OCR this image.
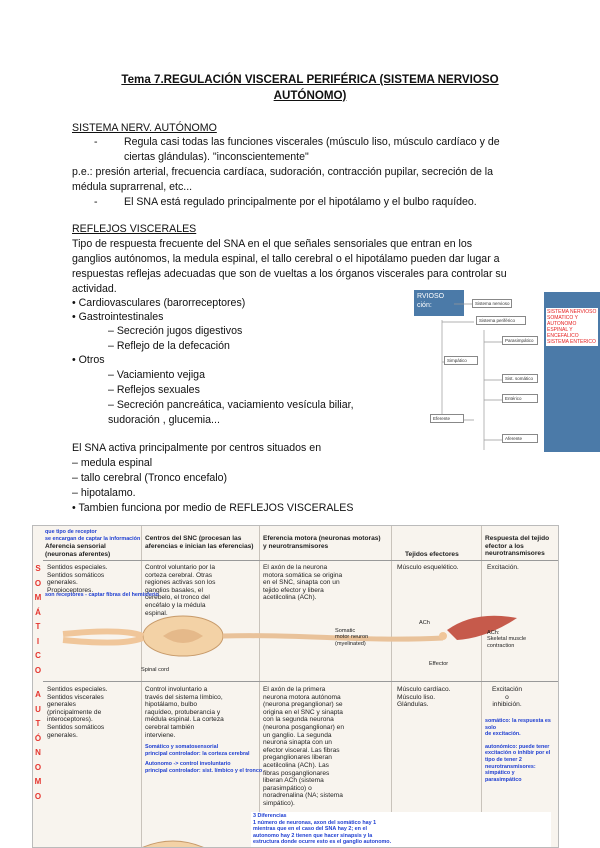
Tema 7.REGULACIÓN VISCERAL PERIFÉRICA (SISTEMA NERVIOSO
AUTÓNOMO)
SISTEMA NERV. AUTÓNOMO
- Regula casi todas las funciones viscerales (músculo liso, músculo cardíaco y de
ciertas glándulas). "inconscientemente"
p.e.: presión arterial, frecuencia cardíaca, sudoración, contracción pupilar, secreción de la
médula suprarrenal, etc...
- El SNA está regulado principalmente por el hipotálamo y el bulbo raquídeo.
REFLEJOS VISCERALES
Tipo de respuesta frecuente del SNA en el que señales sensoriales que entran en los
ganglios autónomos, la medula espinal, el tallo cerebral o el hipotálamo pueden dar lugar a
respuestas reflejas adecuadas que son de vueltas a los órganos viscerales para controlar su
actividad.
• Cardiovasculares (barorreceptores)
• Gastrointestinales
– Secreción jugos digestivos
– Reflejo de la defecación
• Otros
– Vaciamiento vejiga
– Reflejos sexuales
– Secreción pancreática, vaciamiento vesícula biliar,
sudoración , glucemia...
El SNA activa principalmente por centros situados en
– medula espinal
– tallo cerebral (Tronco encefalo)
– hipotalamo.
• Tambien funciona por medio de REFLEJOS VISCERALES
RVIOSO
ción:
SISTEMA NERVIOSO
SOMATICO Y
AUTONOMO
ESPINAL Y ENCEFALICO
SISTEMA ENTERICO
Sistema nervioso
Sistema periférico
Parasimpático
Simpático
Sist. somático
Entérico
Eferente
Aferente
que tipo de receptor
se encargan de captar la información
Aferencia sensorial (neuronas aferentes)
Centros del SNC (procesan las aferencias e inician las eferencias)
Eferencia motora (neuronas motoras) y neurotransmisores
Tejidos efectores
Respuesta del tejido efector a los neurotransmisores
S
O
M
Á
T
I
C
O
Sentidos especiales.
Sentidos somáticos
generales.
Propioceptores.
Control voluntario por la
corteza cerebral. Otras
regiones activas son los
ganglios basales, el
cerebelo, el tronco del
encéfalo y la médula
espinal.
El axón de la neurona
motora somática se origina
en el SNC, sinapta con un
tejido efector y libera
acetilcolina (ACh).
Músculo esquelético.	Excitación.
son receptores - captar fibras del hemisferio
Somatic
motor neuron
(myelinated)
ACh
Effector
ACh:
Skeletal muscle
contraction
Spinal cord
A
U
T
Ó
N
O
M
O
Sentidos especiales.
Sentidos viscerales
generales
(principalmente de
interoceptores).
Sentidos somáticos
generales.
Control involuntario a
través del sistema límbico,
hipotálamo, bulbo
raquídeo, protuberancia y
médula espinal. La corteza
cerebral también
interviene.
Somático y somatosensorial
principal controlador: la corteza cerebral
Autonomo -> control involuntario
principal controlador: sist. límbico y el tronco
El axón de la primera
neurona motora autónoma
(neurona preganglionar) se
origina en el SNC y sinapta
con la segunda neurona
(neurona posganglionar) en
un ganglio. La segunda
neurona sinapta con un
efector visceral. Las fibras
preganglionares liberan
acetilcolina (ACh). Las
fibras posganglionares
liberan ACh (sistema
parasimpático) o
noradrenalina (NA; sistema
simpático).
Músculo cardíaco.
Músculo liso.
Glándulas.
Excitación
o
inhibición.
somático: la respuesta es solo
de excitación.
autonómico: puede tener
excitación o inhibir por el
tipo de tener 2
neurotransmisores: simpático y
parasimpático
3 Diferencias
1 número de neuronas, axon del somático hay 1
mientras que en el caso del SNA hay 2; en el
autonomo hay 2 tienen que hacer sinapsis y la
estructura donde ocurre esto es el ganglio autonomo.
